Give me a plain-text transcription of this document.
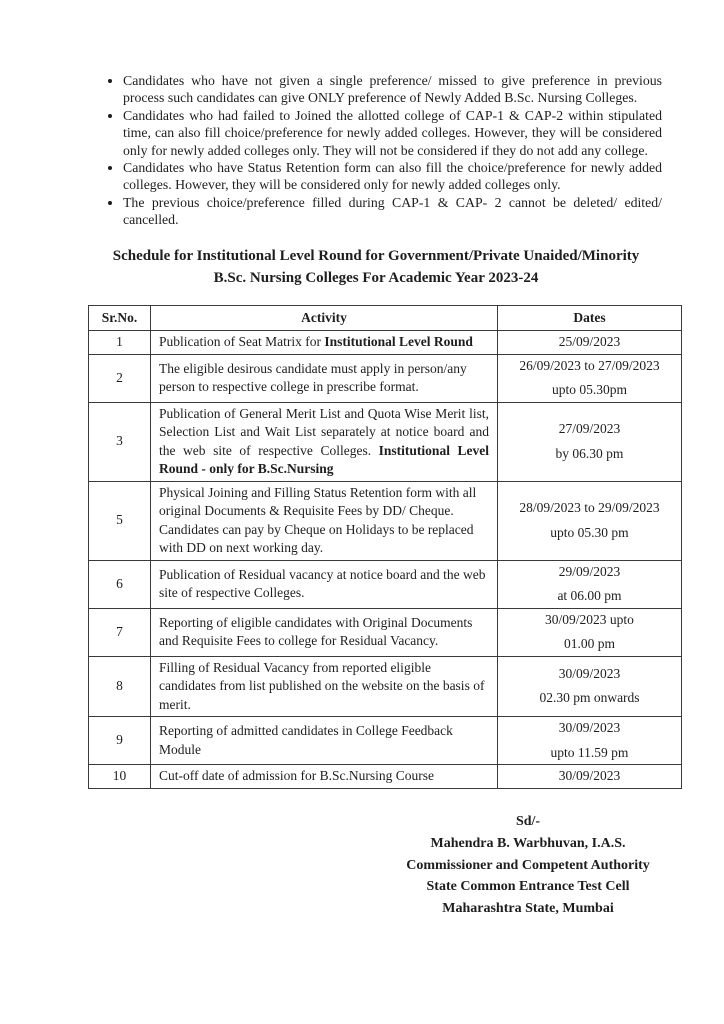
• Candidates who have not given a single preference/ missed to give preference in previous process such candidates can give ONLY preference of Newly Added B.Sc. Nursing Colleges.
• Candidates who had failed to Joined the allotted college of CAP-1 & CAP-2 within stipulated time, can also fill choice/preference for newly added colleges. However, they will be considered only for newly added colleges only. They will not be considered if they do not add any college.
• Candidates who have Status Retention form can also fill the choice/preference for newly added colleges. However, they will be considered only for newly added colleges only.
• The previous choice/preference filled during CAP-1 & CAP- 2 cannot be deleted/ edited/ cancelled.
Schedule for Institutional Level Round for Government/Private Unaided/Minority
B.Sc. Nursing Colleges For Academic Year 2023-24
Sr.No.	Activity	Dates
1	Publication of Seat Matrix for Institutional Level Round	25/09/2023

2	The eligible desirous candidate must apply in person/any person to respective college in prescribe format.	26/09/2023 to 27/09/2023
upto 05.30pm

3	Publication of General Merit List and Quota Wise Merit list, Selection List and Wait List separately at notice board and the web site of respective Colleges. Institutional Level Round - only for B.Sc.Nursing	27/09/2023
by 06.30 pm

5	Physical Joining and Filling Status Retention form with all original Documents & Requisite Fees by DD/ Cheque. Candidates can pay by Cheque on Holidays to be replaced with DD on next working day.	28/09/2023 to 29/09/2023
upto 05.30 pm

6	Publication of Residual vacancy at notice board and the web site of respective Colleges.	29/09/2023
at 06.00 pm

7	Reporting of eligible candidates with Original Documents and Requisite Fees to college for Residual Vacancy.	30/09/2023 upto
01.00 pm

8	Filling of Residual Vacancy from reported eligible candidates from list published on the website on the basis of merit.	30/09/2023
02.30 pm onwards

9	Reporting of admitted candidates in College Feedback Module	30/09/2023
upto 11.59 pm

10	Cut-off date of admission for B.Sc.Nursing Course	30/09/2023
Sd/-
Mahendra B. Warbhuvan, I.A.S.
Commissioner and Competent Authority
State Common Entrance Test Cell
Maharashtra State, Mumbai
